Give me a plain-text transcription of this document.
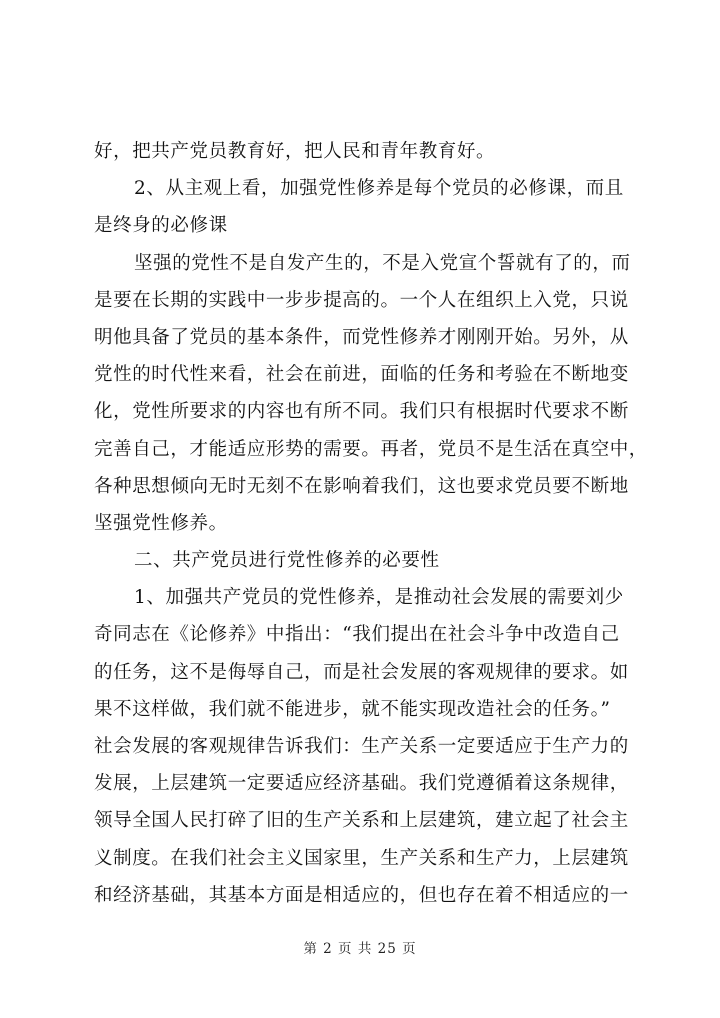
好，把共产党员教育好，把人民和青年教育好。
2、从主观上看，加强党性修养是每个党员的必修课，而且
是终身的必修课
坚强的党性不是自发产生的，不是入党宣个誓就有了的，而
是要在长期的实践中一步步提高的。一个人在组织上入党，只说
明他具备了党员的基本条件，而党性修养才刚刚开始。另外，从
党性的时代性来看，社会在前进，面临的任务和考验在不断地变
化，党性所要求的内容也有所不同。我们只有根据时代要求不断
完善自己，才能适应形势的需要。再者，党员不是生活在真空中，
各种思想倾向无时无刻不在影响着我们，这也要求党员要不断地
坚强党性修养。
二、共产党员进行党性修养的必要性
1、加强共产党员的党性修养，是推动社会发展的需要刘少
奇同志在《论修养》中指出：“我们提出在社会斗争中改造自己
的任务，这不是侮辱自己，而是社会发展的客观规律的要求。如
果不这样做，我们就不能进步，就不能实现改造社会的任务。”
社会发展的客观规律告诉我们：生产关系一定要适应于生产力的
发展，上层建筑一定要适应经济基础。我们党遵循着这条规律，
领导全国人民打碎了旧的生产关系和上层建筑，建立起了社会主
义制度。在我们社会主义国家里，生产关系和生产力，上层建筑
和经济基础，其基本方面是相适应的，但也存在着不相适应的一
第 2 页 共 25 页
